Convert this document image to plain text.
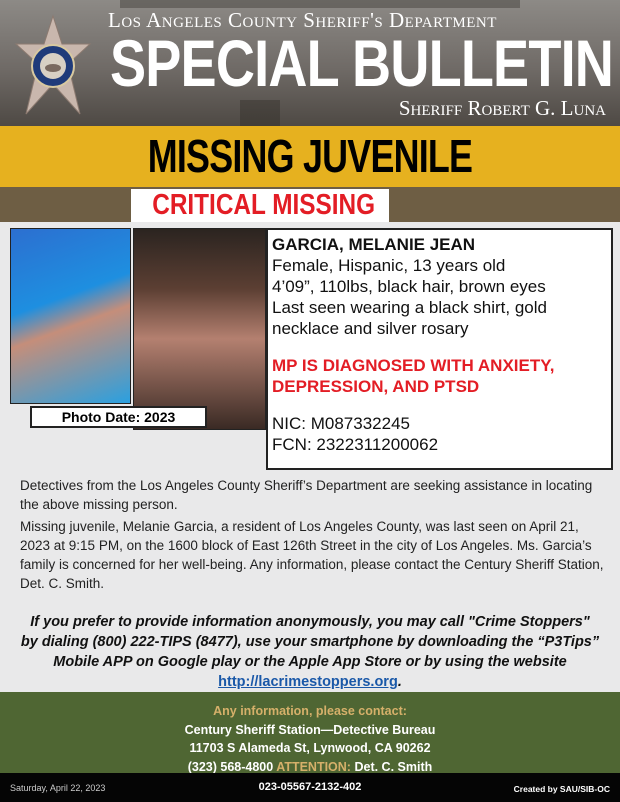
Los Angeles County Sheriff's Department
SPECIAL BULLETIN
Sheriff Robert G. Luna
MISSING JUVENILE
CRITICAL MISSING
Photo Date: 2023
GARCIA, MELANIE JEAN
Female, Hispanic, 13 years old
4’09”, 110lbs, black hair, brown eyes
Last seen wearing a black shirt, gold necklace and silver rosary
MP IS DIAGNOSED WITH ANXIETY, DEPRESSION, AND PTSD
NIC: M087332245
FCN: 2322311200062
Detectives from the Los Angeles County Sheriff’s Department are seeking assistance in locating the above missing person.
Missing juvenile, Melanie Garcia, a resident of Los Angeles County, was last seen on April 21, 2023 at 9:15 PM, on the 1600 block of East 126th Street in the city of Los Angeles. Ms. Garcia’s family is concerned for her well-being. Any information, please contact the Century Sheriff Station, Det. C. Smith.
If you prefer to provide information anonymously, you may call "Crime Stoppers" by dialing (800) 222-TIPS (8477), use your smartphone by downloading the “P3Tips” Mobile APP on Google play or the Apple App Store or by using the website
http://lacrimestoppers.org.
Any information, please contact:
Century Sheriff Station—Detective Bureau
11703 S Alameda St, Lynwood, CA 90262
(323) 568-4800 ATTENTION: Det. C. Smith
Saturday, April 22, 2023	023-05567-2132-402	Created by SAU/SIB-OC
